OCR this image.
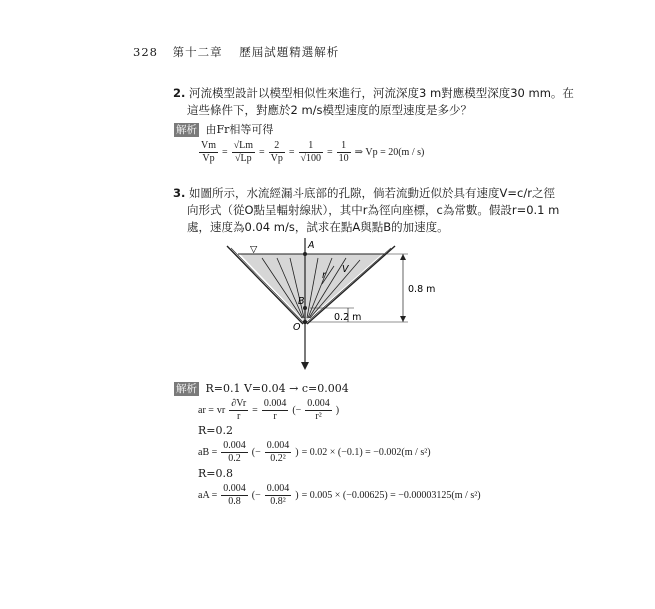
328 第十二章 歷屆試題精選解析
2. 河流模型設計以模型相似性來進行，河流深度3 m對應模型深度30 mm。在
這些條件下，對應於2 m/s模型速度的原型速度是多少？
解析 由Fr相等可得
$\frac{Vm}{Vp} = \frac{√Lm}{√Lp} = \frac{2}{Vp} = \frac{1}{√100} = \frac{1}{10}$ ⇒ Vp = 20(m / s)
3. 如圖所示，水流經漏斗底部的孔隙，倘若流動近似於具有速度V=c/r之徑
向形式（從O點呈輻射線狀），其中r為徑向座標，c為常數。假設r=0.1 m
處，速度為0.04 m/s，試求在點A與點B的加速度。
▽	A
B
O
V
r
0.8 m
0.2 m
解析 R=0.1 V=0.04 → c=0.004
ar = vr $\frac{\partial Vr}{r} = \frac{0.004}{r}$ (− $\frac{0.004}{\text{r²}}$ )
R=0.2
aB = $\frac{0.004}{0.2}$ (− $\frac{0.004}{\text{0.2²}}$ ) = 0.02 × (−0.1) = −0.002(m / s²)
R=0.8
aA = $\frac{0.004}{0.8}$ (− $\frac{0.004}{\text{0.8²}}$ ) = 0.005 × (−0.00625) = −0.00003125(m / s²)
